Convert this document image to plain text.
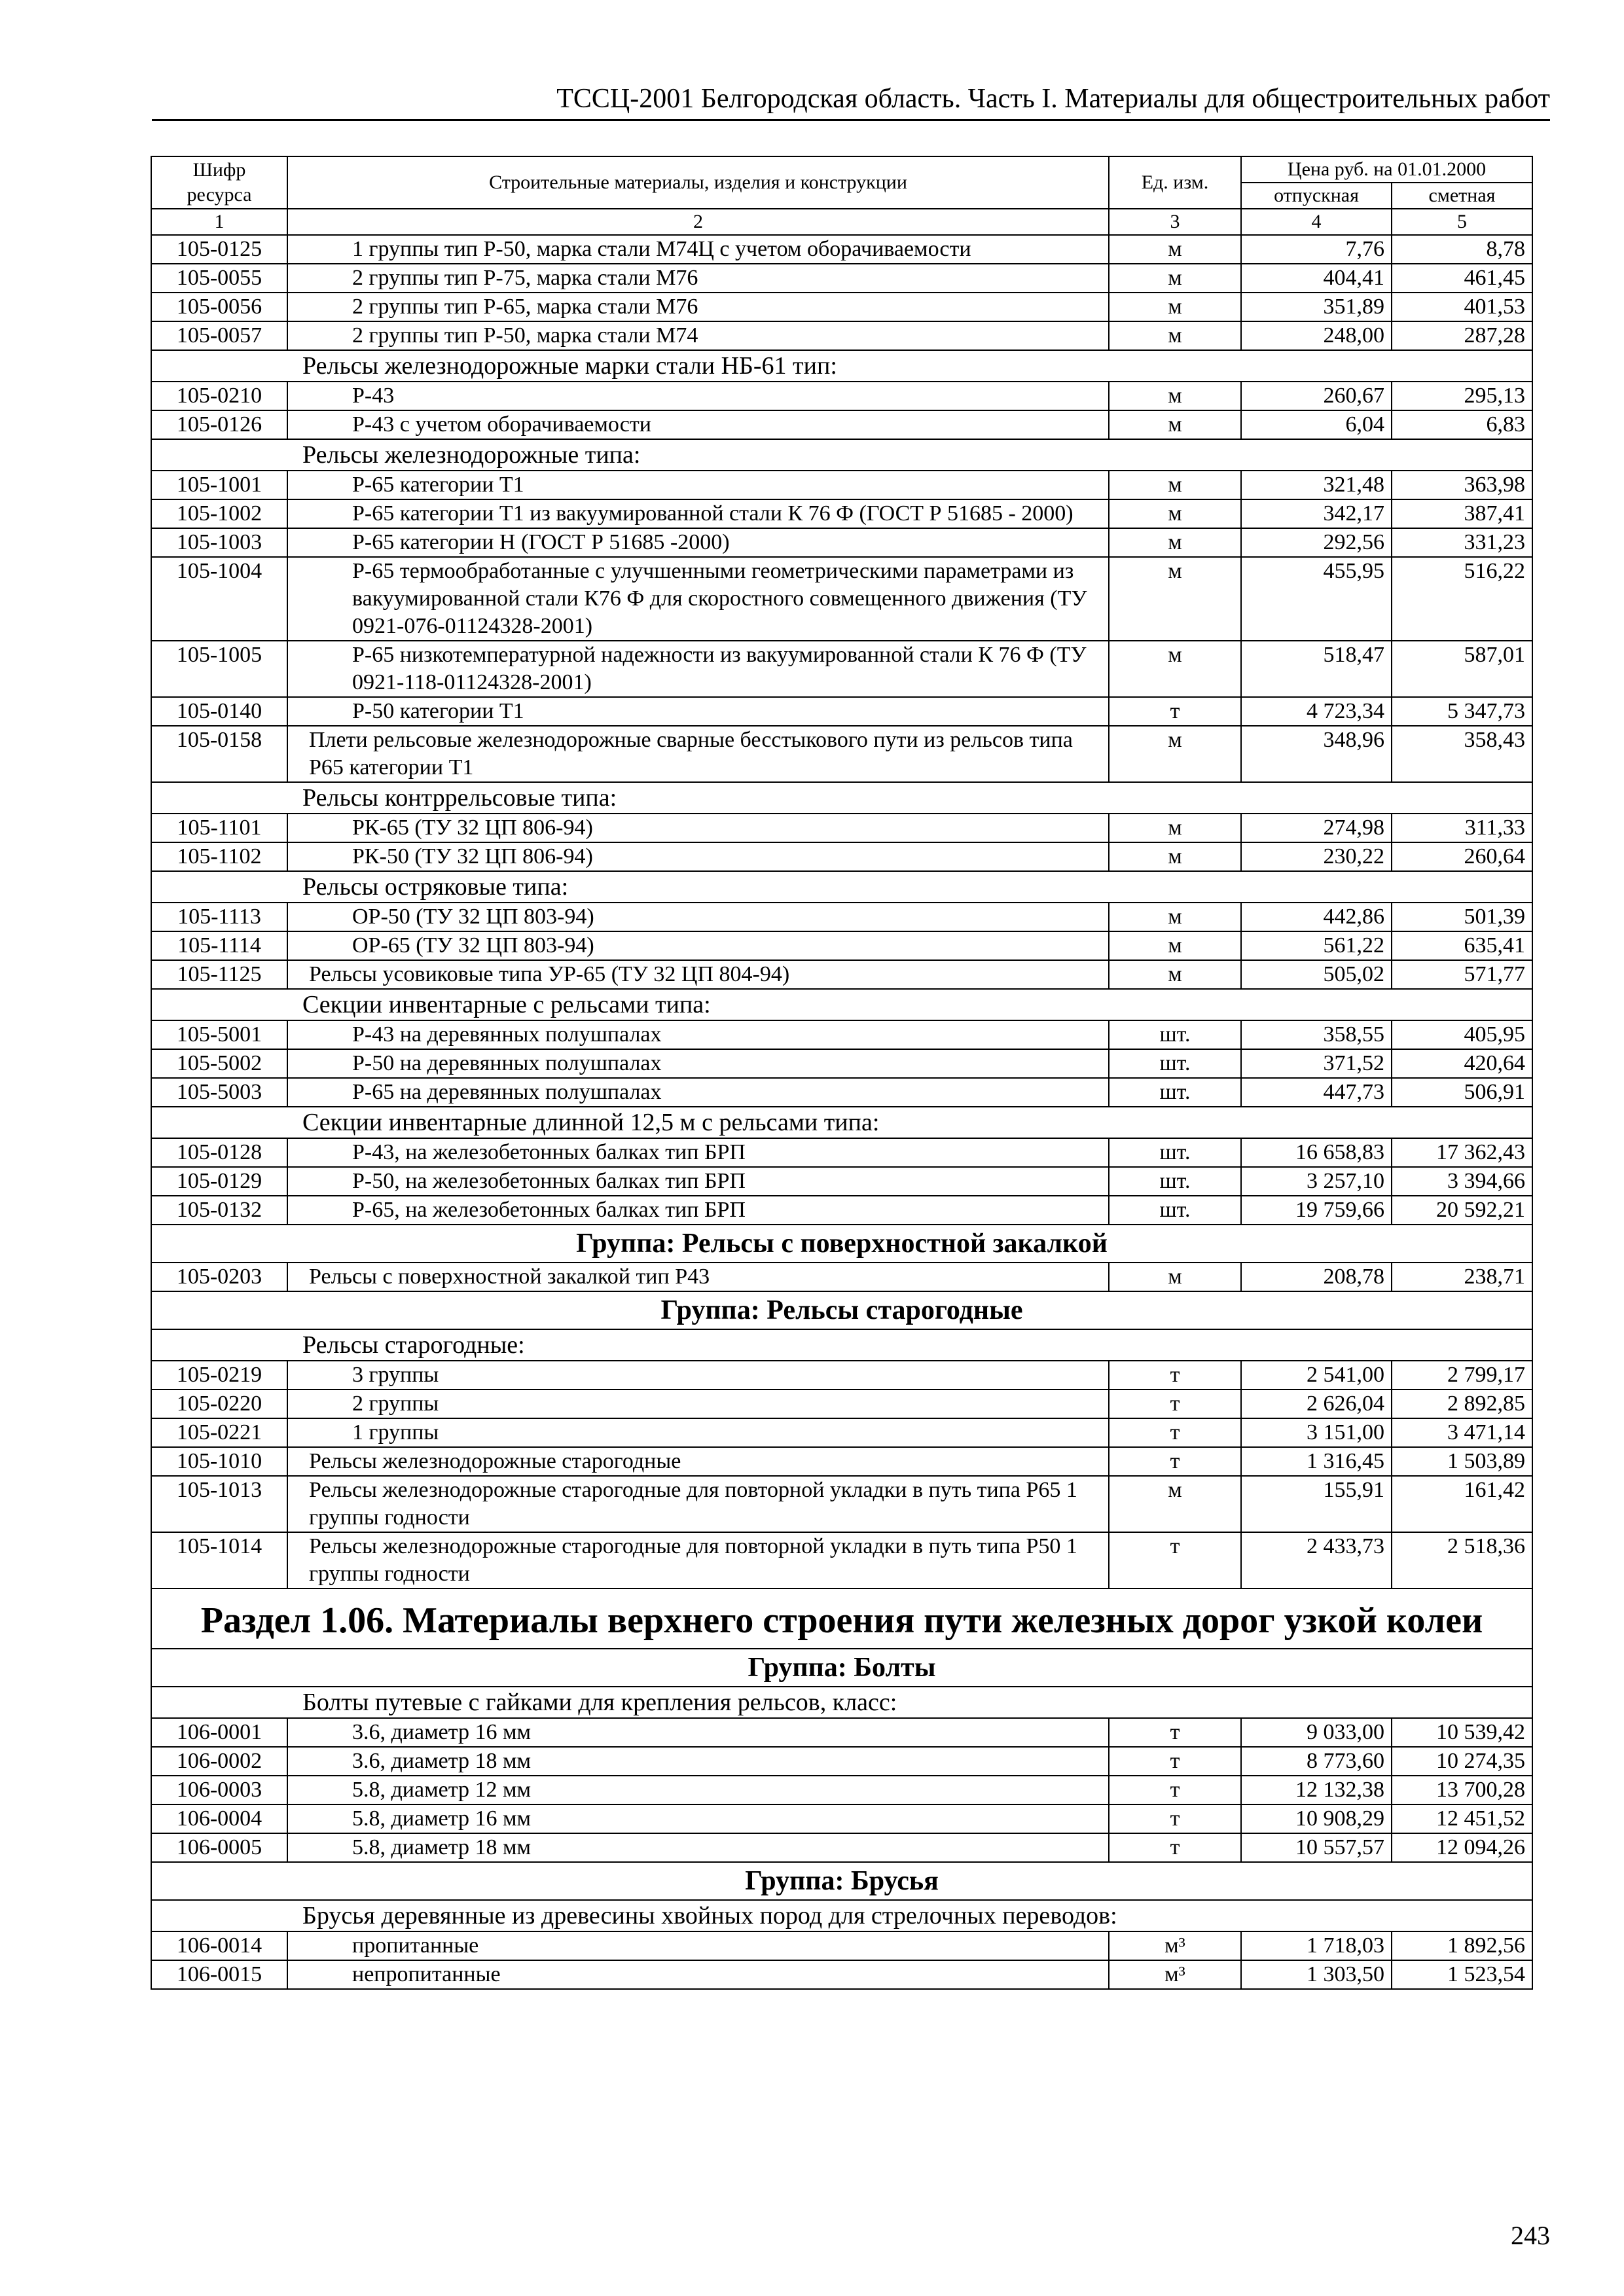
ТССЦ-2001 Белгородская область. Часть I. Материалы для общестроительных работ
Шифр ресурса	Строительные материалы, изделия и конструкции	Ед. изм.	Цена руб. на 01.01.2000	
			отпускная	сметная
1	2	3	4	5
105-0125	1 группы тип Р-50, марка стали М74Ц с учетом оборачиваемости	м	7,76	8,78
105-0055	2 группы тип Р-75, марка стали М76	м	404,41	461,45
105-0056	2 группы тип Р-65, марка стали М76	м	351,89	401,53
105-0057	2 группы тип Р-50, марка стали М74	м	248,00	287,28
Рельсы железнодорожные марки стали НБ-61 тип:				
105-0210	Р-43	м	260,67	295,13
105-0126	Р-43 с учетом оборачиваемости	м	6,04	6,83
Рельсы железнодорожные типа:				
105-1001	Р-65 категории Т1	м	321,48	363,98
105-1002	Р-65 категории Т1 из вакуумированной стали К 76 Ф (ГОСТ Р 51685 - 2000)	м	342,17	387,41
105-1003	Р-65 категории Н (ГОСТ Р 51685 -2000)	м	292,56	331,23
105-1004	Р-65 термообработанные с улучшенными геометрическими параметрами из вакуумированной стали К76 Ф для скоростного совмещенного движения (ТУ 0921-076-01124328-2001)	м	455,95	516,22
105-1005	Р-65 низкотемпературной надежности из вакуумированной стали К 76 Ф (ТУ 0921-118-01124328-2001)	м	518,47	587,01
105-0140	Р-50 категории Т1	т	4 723,34	5 347,73
105-0158	Плети рельсовые железнодорожные сварные бесстыкового пути из рельсов типа Р65 категории Т1	м	348,96	358,43
Рельсы контррельсовые типа:				
105-1101	РК-65 (ТУ 32 ЦП 806-94)	м	274,98	311,33
105-1102	РК-50 (ТУ 32 ЦП 806-94)	м	230,22	260,64
Рельсы остряковые типа:				
105-1113	ОР-50 (ТУ 32 ЦП 803-94)	м	442,86	501,39
105-1114	ОР-65 (ТУ 32 ЦП 803-94)	м	561,22	635,41
105-1125	Рельсы усовиковые типа УР-65 (ТУ 32 ЦП 804-94)	м	505,02	571,77
Секции инвентарные с рельсами типа:				
105-5001	Р-43 на деревянных полушпалах	шт.	358,55	405,95
105-5002	Р-50 на деревянных полушпалах	шт.	371,52	420,64
105-5003	Р-65 на деревянных полушпалах	шт.	447,73	506,91
Секции инвентарные длинной 12,5 м с рельсами типа:				
105-0128	Р-43, на железобетонных балках тип БРП	шт.	16 658,83	17 362,43
105-0129	Р-50, на железобетонных балках тип БРП	шт.	3 257,10	3 394,66
105-0132	Р-65, на железобетонных балках тип БРП	шт.	19 759,66	20 592,21
Группа: Рельсы с поверхностной закалкой				
105-0203	Рельсы с поверхностной закалкой тип Р43	м	208,78	238,71
Группа: Рельсы старогодные				
Рельсы старогодные:				
105-0219	3 группы	т	2 541,00	2 799,17
105-0220	2 группы	т	2 626,04	2 892,85
105-0221	1 группы	т	3 151,00	3 471,14
105-1010	Рельсы железнодорожные старогодные	т	1 316,45	1 503,89
105-1013	Рельсы железнодорожные старогодные для повторной укладки в путь типа Р65 1 группы годности	м	155,91	161,42
105-1014	Рельсы железнодорожные старогодные для повторной укладки в путь типа Р50 1 группы годности	т	2 433,73	2 518,36
Раздел 1.06. Материалы верхнего строения пути железных дорог узкой колеи				
Группа: Болты				
Болты путевые с гайками для крепления рельсов, класс:				
106-0001	3.6, диаметр 16 мм	т	9 033,00	10 539,42
106-0002	3.6, диаметр 18 мм	т	8 773,60	10 274,35
106-0003	5.8, диаметр 12 мм	т	12 132,38	13 700,28
106-0004	5.8, диаметр 16 мм	т	10 908,29	12 451,52
106-0005	5.8, диаметр 18 мм	т	10 557,57	12 094,26
Группа: Брусья				
Брусья деревянные из древесины хвойных пород для стрелочных переводов:				
106-0014	пропитанные	м³	1 718,03	1 892,56
106-0015	непропитанные	м³	1 303,50	1 523,54
243
